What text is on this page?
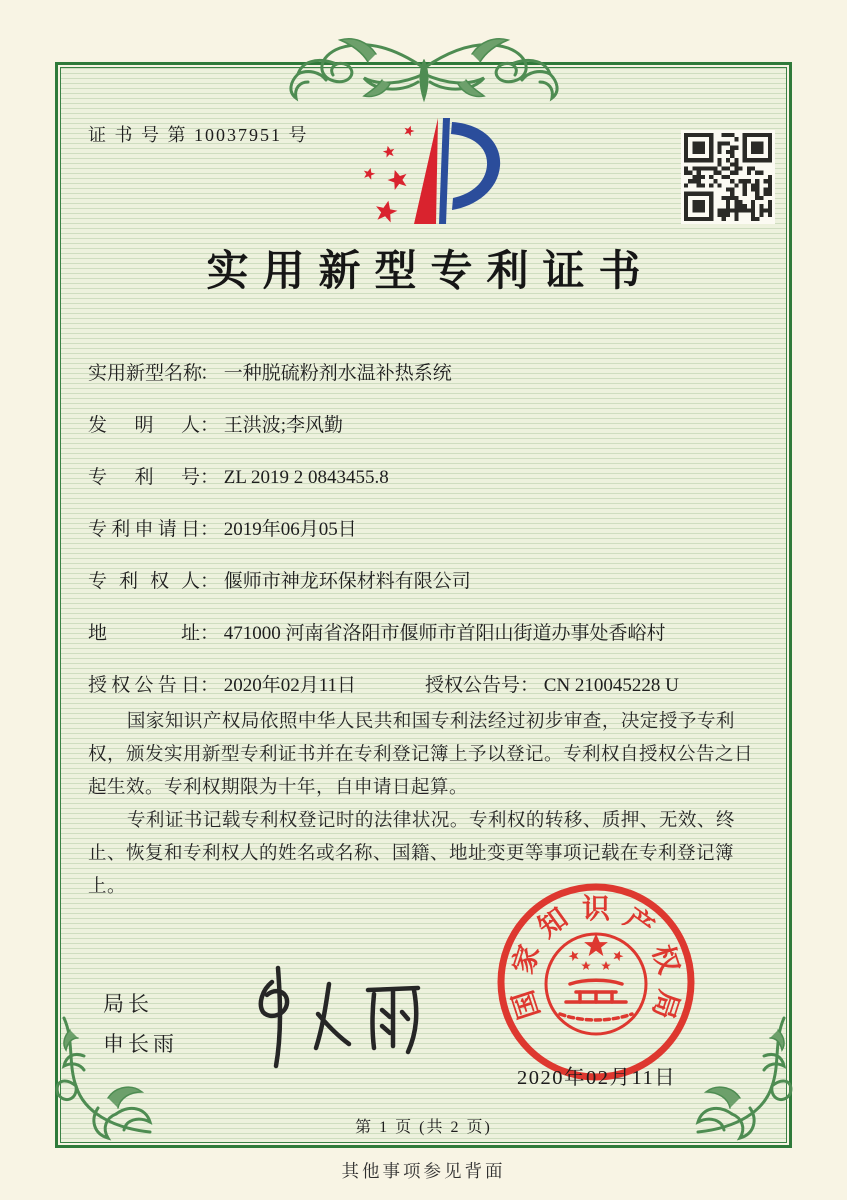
证 书 号 第 10037951 号
实用新型专利证书
实用新型名称： 一种脱硫粉剂水温补热系统
发明人： 王洪波;李风勤
专利号： ZL 2019 2 0843455.8
专利申请日： 2019年06月05日
专利权人： 偃师市神龙环保材料有限公司
地址： 471000 河南省洛阳市偃师市首阳山街道办事处香峪村
授权公告日： 2020年02月11日	授权公告号： CN 210045228 U

国家知识产权局依照中华人民共和国专利法经过初步审查，决定授予专利权，颁发实用新型专利证书并在专利登记簿上予以登记。专利权自授权公告之日起生效。专利权期限为十年，自申请日起算。

专利证书记载专利权登记时的法律状况。专利权的转移、质押、无效、终止、恢复和专利权人的姓名或名称、国籍、地址变更等事项记载在专利登记簿上。

局长
申长雨
国
家
知 识 产
权
局
2020年02月11日
第 1 页 (共 2 页)
其他事项参见背面
